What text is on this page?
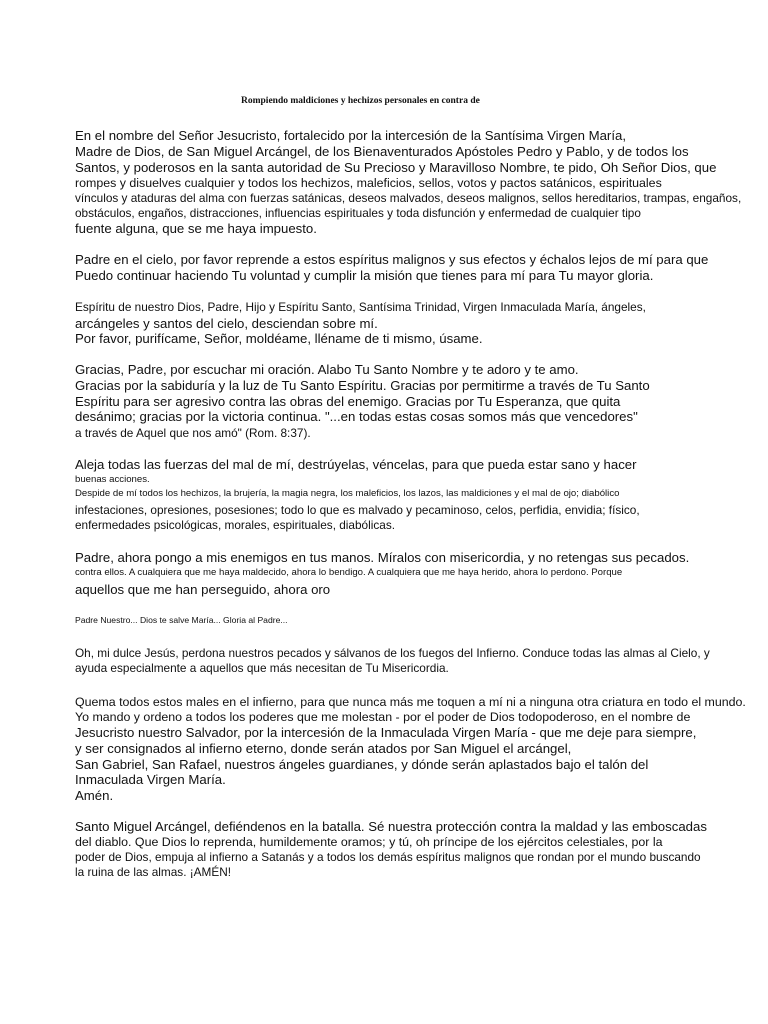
Rompiendo maldiciones y hechizos personales en contra de
En el nombre del Señor Jesucristo, fortalecido por la intercesión de la Santísima Virgen María,
Madre de Dios, de San Miguel Arcángel, de los Bienaventurados Apóstoles Pedro y Pablo, y de todos los
Santos, y poderosos en la santa autoridad de Su Precioso y Maravilloso Nombre, te pido, Oh Señor Dios, que
rompes y disuelves cualquier y todos los hechizos, maleficios, sellos, votos y pactos satánicos, espirituales
vínculos y ataduras del alma con fuerzas satánicas, deseos malvados, deseos malignos, sellos hereditarios, trampas, engaños,
obstáculos, engaños, distracciones, influencias espirituales y toda disfunción y enfermedad de cualquier tipo
fuente alguna, que se me haya impuesto.
Padre en el cielo, por favor reprende a estos espíritus malignos y sus efectos y échalos lejos de mí para que
Puedo continuar haciendo Tu voluntad y cumplir la misión que tienes para mí para Tu mayor gloria.
Espíritu de nuestro Dios, Padre, Hijo y Espíritu Santo, Santísima Trinidad, Virgen Inmaculada María, ángeles,
arcángeles y santos del cielo, desciendan sobre mí.
Por favor, purifícame, Señor, moldéame, lléname de ti mismo, úsame.
Gracias, Padre, por escuchar mi oración. Alabo Tu Santo Nombre y te adoro y te amo.
Gracias por la sabiduría y la luz de Tu Santo Espíritu. Gracias por permitirme a través de Tu Santo
Espíritu para ser agresivo contra las obras del enemigo. Gracias por Tu Esperanza, que quita
desánimo; gracias por la victoria continua. "...en todas estas cosas somos más que vencedores"
a través de Aquel que nos amó" (Rom. 8:37).
Aleja todas las fuerzas del mal de mí, destrúyelas, véncelas, para que pueda estar sano y hacer
buenas acciones.
Despide de mí todos los hechizos, la brujería, la magia negra, los maleficios, los lazos, las maldiciones y el mal de ojo; diabólico
infestaciones, opresiones, posesiones; todo lo que es malvado y pecaminoso, celos, perfidia, envidia; físico,
enfermedades psicológicas, morales, espirituales, diabólicas.
Padre, ahora pongo a mis enemigos en tus manos. Míralos con misericordia, y no retengas sus pecados.
contra ellos. A cualquiera que me haya maldecido, ahora lo bendigo. A cualquiera que me haya herido, ahora lo perdono. Porque
aquellos que me han perseguido, ahora oro
Padre Nuestro... Dios te salve María... Gloria al Padre...
Oh, mi dulce Jesús, perdona nuestros pecados y sálvanos de los fuegos del Infierno. Conduce todas las almas al Cielo, y
ayuda especialmente a aquellos que más necesitan de Tu Misericordia.
Quema todos estos males en el infierno, para que nunca más me toquen a mí ni a ninguna otra criatura en todo el mundo.
Yo mando y ordeno a todos los poderes que me molestan - por el poder de Dios todopoderoso, en el nombre de
Jesucristo nuestro Salvador, por la intercesión de la Inmaculada Virgen María - que me deje para siempre,
y ser consignados al infierno eterno, donde serán atados por San Miguel el arcángel,
San Gabriel, San Rafael, nuestros ángeles guardianes, y dónde serán aplastados bajo el talón del
Inmaculada Virgen María.
Amén.
Santo Miguel Arcángel, defiéndenos en la batalla. Sé nuestra protección contra la maldad y las emboscadas
del diablo. Que Dios lo reprenda, humildemente oramos; y tú, oh príncipe de los ejércitos celestiales, por la
poder de Dios, empuja al infierno a Satanás y a todos los demás espíritus malignos que rondan por el mundo buscando
la ruina de las almas. ¡AMÉN!
